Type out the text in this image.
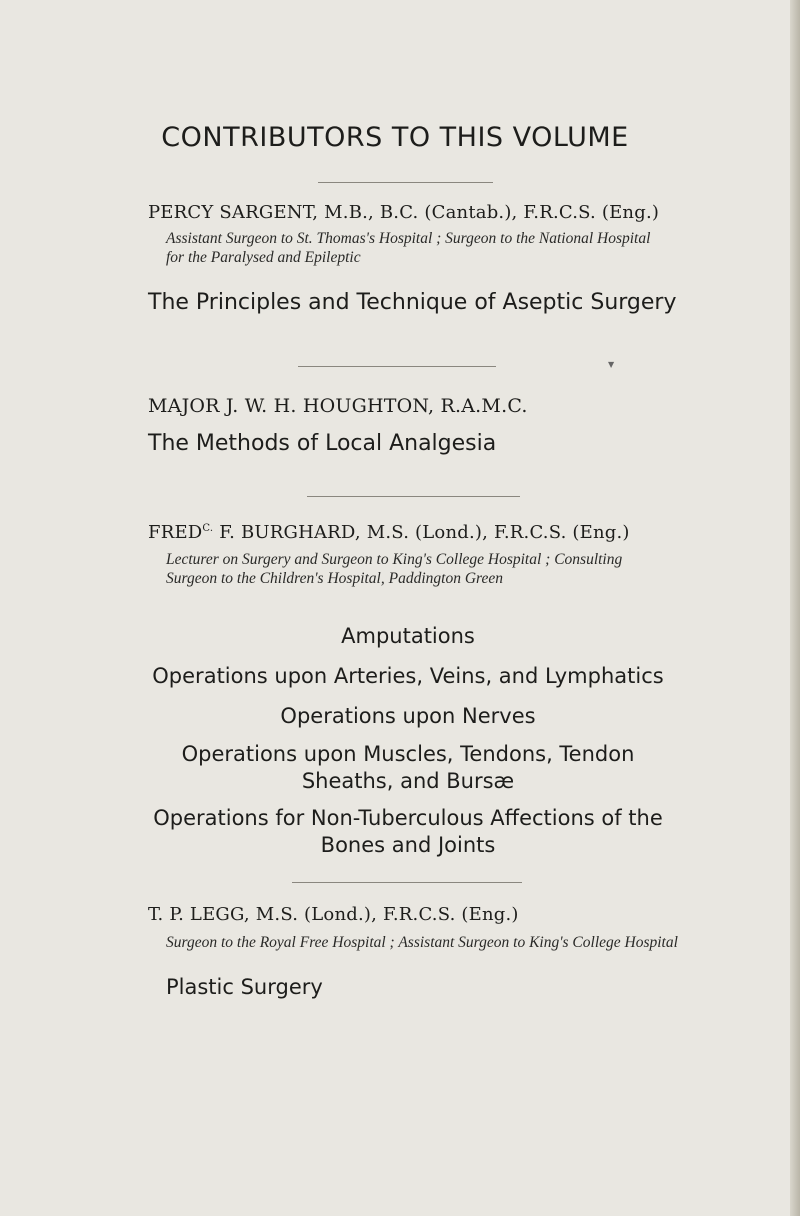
CONTRIBUTORS TO THIS VOLUME
PERCY SARGENT, M.B., B.C. (Cantab.), F.R.C.S. (Eng.)
Assistant Surgeon to St. Thomas's Hospital ; Surgeon to the National Hospital for the Paralysed and Epileptic
The Principles and Technique of Aseptic Surgery
▼
MAJOR J. W. H. HOUGHTON, R.A.M.C.
The Methods of Local Analgesia
$FRED^{C.}$ F. BURGHARD, M.S. (Lond.), F.R.C.S. (Eng.)
Lecturer on Surgery and Surgeon to King's College Hospital ; Consulting Surgeon to the Children's Hospital, Paddington Green
Amputations
Operations upon Arteries, Veins, and Lymphatics
Operations upon Nerves
Operations upon Muscles, Tendons, Tendon Sheaths, and Bursæ
Operations for Non-Tuberculous Affections of the Bones and Joints
T. P. LEGG, M.S. (Lond.), F.R.C.S. (Eng.)
Surgeon to the Royal Free Hospital ; Assistant Surgeon to King's College Hospital
Plastic Surgery
